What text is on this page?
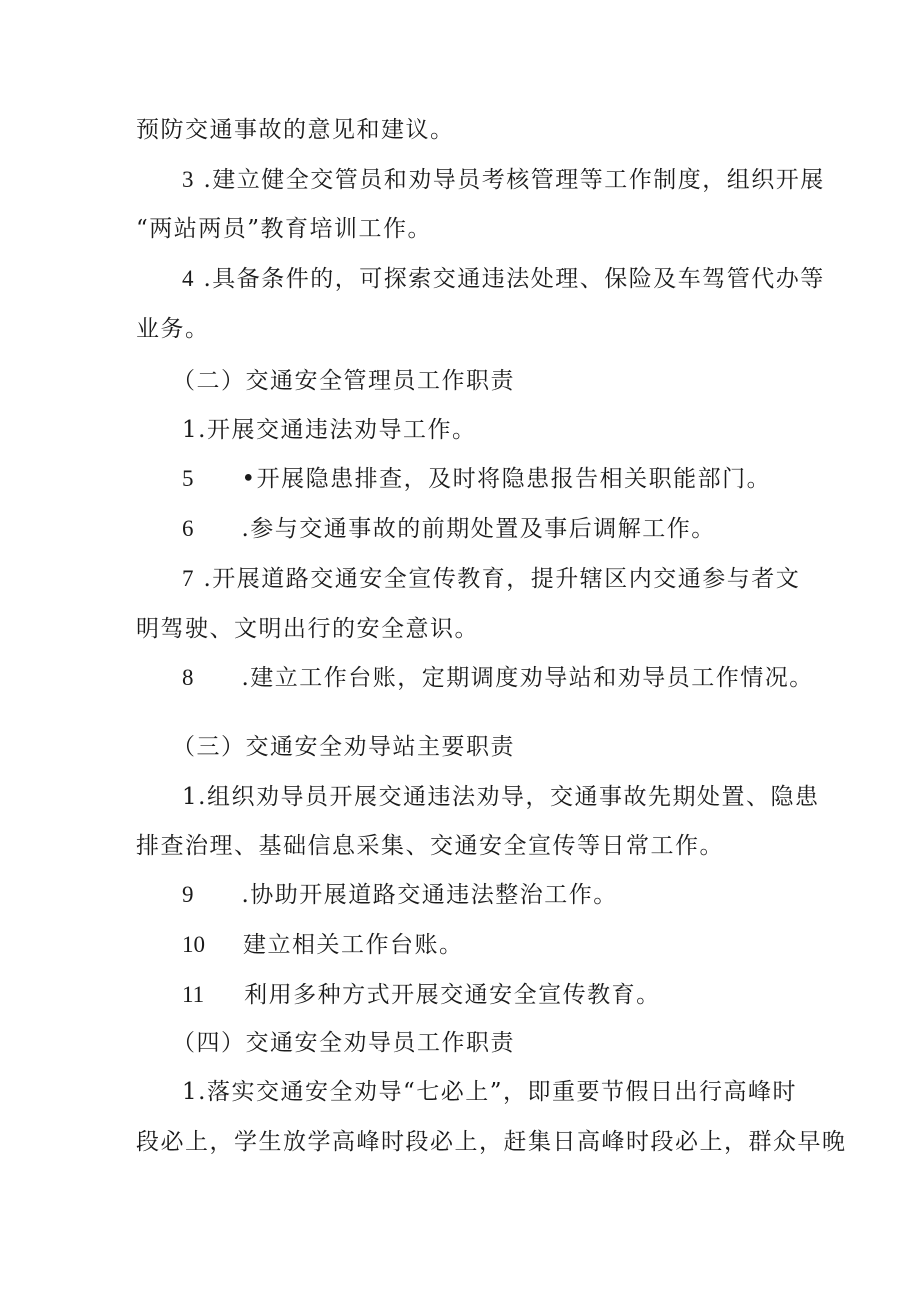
预防交通事故的意见和建议。
3 .建立健全交管员和劝导员考核管理等工作制度，组织开展
“两站两员”教育培训工作。
4 .具备条件的，可探索交通违法处理、保险及车驾管代办等
业务。
（二）交通安全管理员工作职责
1.开展交通违法劝导工作。
5 •开展隐患排查，及时将隐患报告相关职能部门。
6 .参与交通事故的前期处置及事后调解工作。
7 .开展道路交通安全宣传教育，提升辖区内交通参与者文
明驾驶、文明出行的安全意识。
8 .建立工作台账，定期调度劝导站和劝导员工作情况。
（三）交通安全劝导站主要职责
1.组织劝导员开展交通违法劝导，交通事故先期处置、隐患
排查治理、基础信息采集、交通安全宣传等日常工作。
9 .协助开展道路交通违法整治工作。
10 建立相关工作台账。
11 利用多种方式开展交通安全宣传教育。
（四）交通安全劝导员工作职责
1.落实交通安全劝导“七必上”，即重要节假日出行高峰时
段必上，学生放学高峰时段必上，赶集日高峰时段必上，群众早晚
